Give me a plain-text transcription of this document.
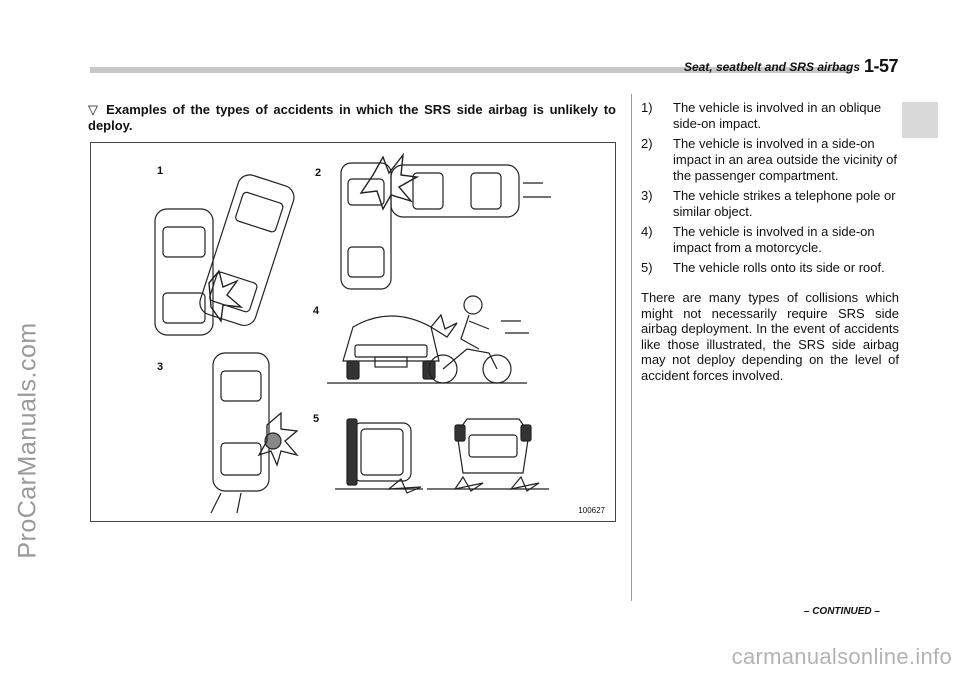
Seat, seatbelt and SRS airbags 1-57
ProCarManuals.com
carmanualsonline.info
▽ Examples of the types of accidents in which the SRS side airbag is unlikely to deploy.
1	2
3
4
5
100627
1)	The vehicle is involved in an oblique side-on impact.
2)	The vehicle is involved in a side-on impact in an area outside the vicinity of the passenger compartment.
3)	The vehicle strikes a telephone pole or similar object.
4)	The vehicle is involved in a side-on impact from a motorcycle.
5)	The vehicle rolls onto its side or roof.

There are many types of collisions which might not necessarily require SRS side airbag deployment. In the event of accidents like those illustrated, the SRS side airbag may not deploy depending on the level of accident forces involved.

– CONTINUED –
